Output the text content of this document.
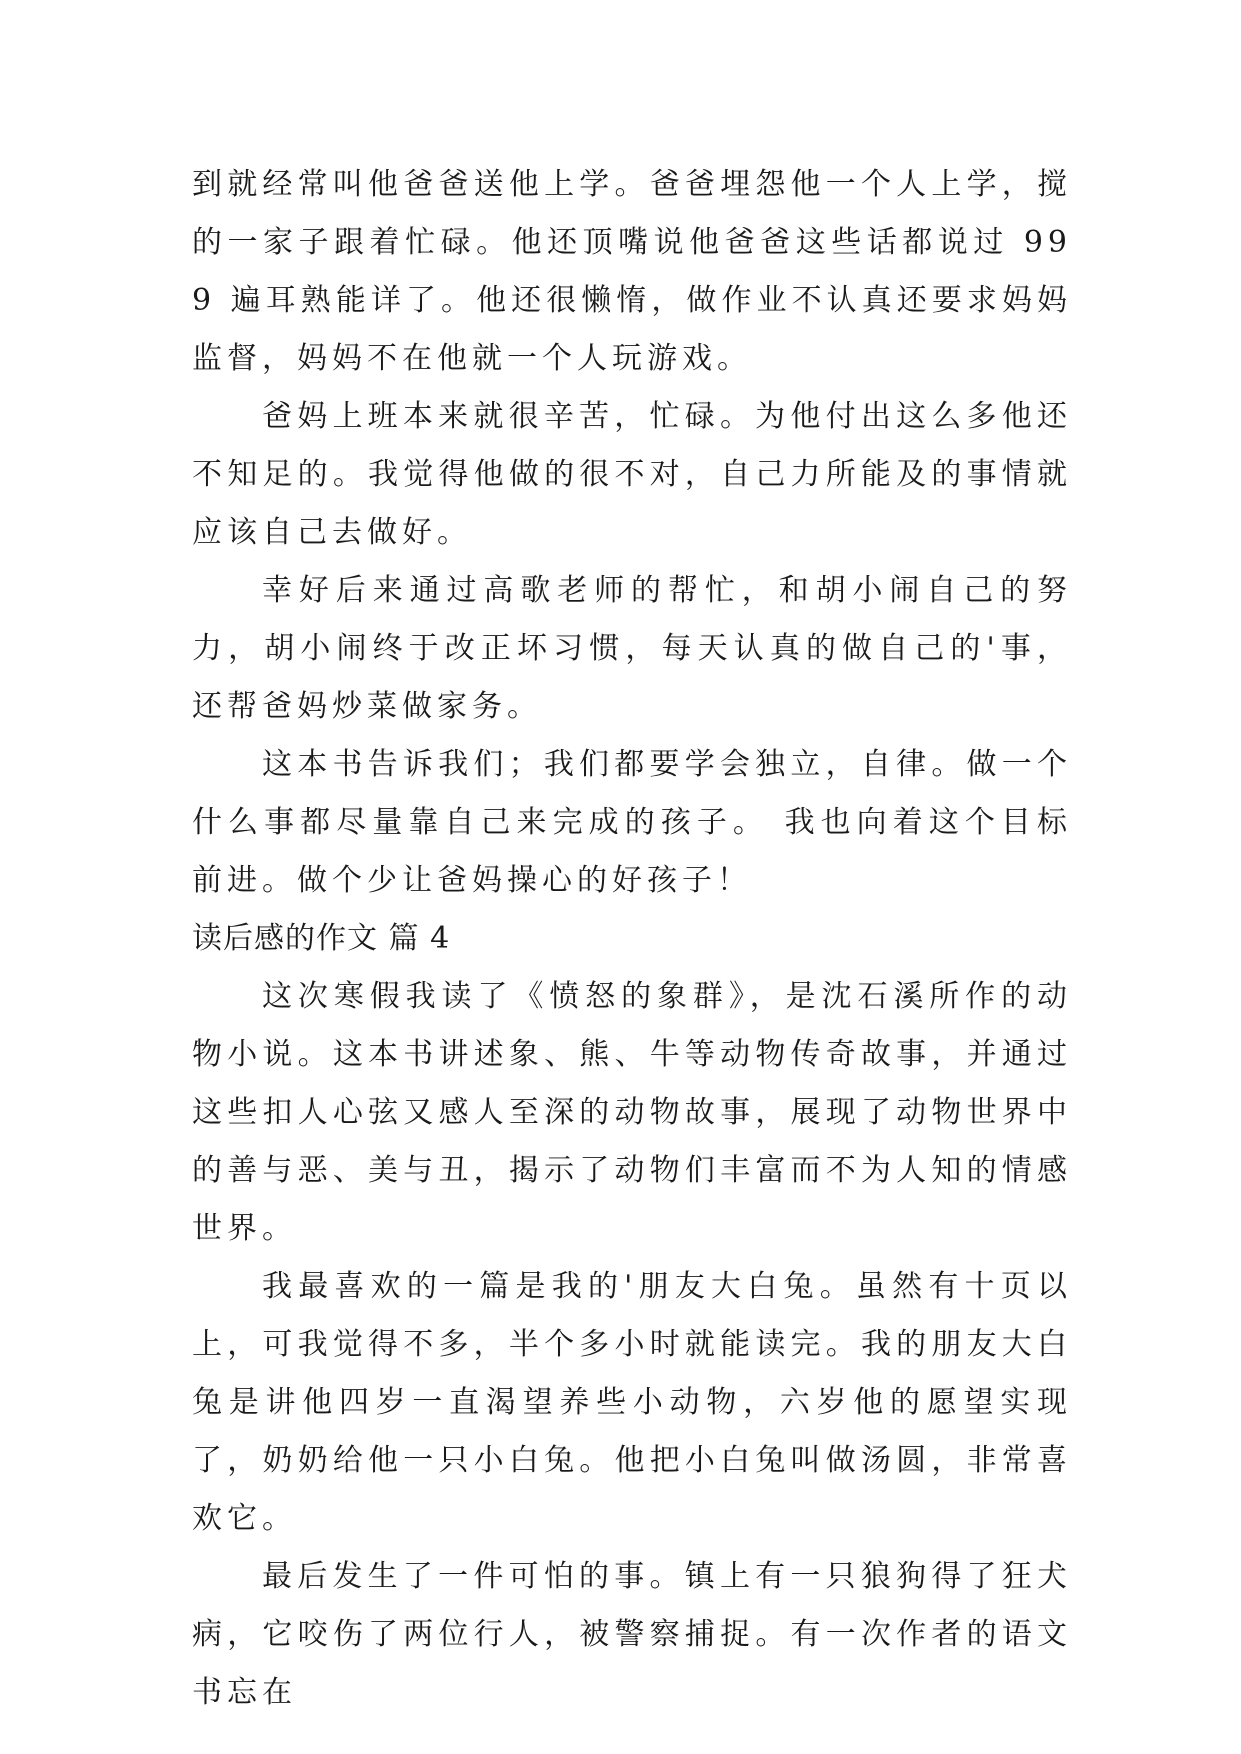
到就经常叫他爸爸送他上学。爸爸埋怨他一个人上学，搅的一家子跟着忙碌。他还顶嘴说他爸爸这些话都说过 999 遍耳熟能详了。他还很懒惰，做作业不认真还要求妈妈监督，妈妈不在他就一个人玩游戏。

爸妈上班本来就很辛苦，忙碌。为他付出这么多他还不知足的。我觉得他做的很不对，自己力所能及的事情就应该自己去做好。

幸好后来通过高歌老师的帮忙，和胡小闹自己的努力，胡小闹终于改正坏习惯，每天认真的做自己的'事，还帮爸妈炒菜做家务。

这本书告诉我们；我们都要学会独立，自律。做一个什么事都尽量靠自己来完成的孩子。 我也向着这个目标前进。做个少让爸妈操心的好孩子！

读后感的作文 篇 4

这次寒假我读了《愤怒的象群》，是沈石溪所作的动物小说。这本书讲述象、熊、牛等动物传奇故事，并通过这些扣人心弦又感人至深的动物故事，展现了动物世界中的善与恶、美与丑，揭示了动物们丰富而不为人知的情感世界。

我最喜欢的一篇是我的'朋友大白兔。虽然有十页以上，可我觉得不多，半个多小时就能读完。我的朋友大白兔是讲他四岁一直渴望养些小动物，六岁他的愿望实现了，奶奶给他一只小白兔。他把小白兔叫做汤圆，非常喜欢它。

最后发生了一件可怕的事。镇上有一只狼狗得了狂犬病，它咬伤了两位行人，被警察捕捉。有一次作者的语文书忘在
